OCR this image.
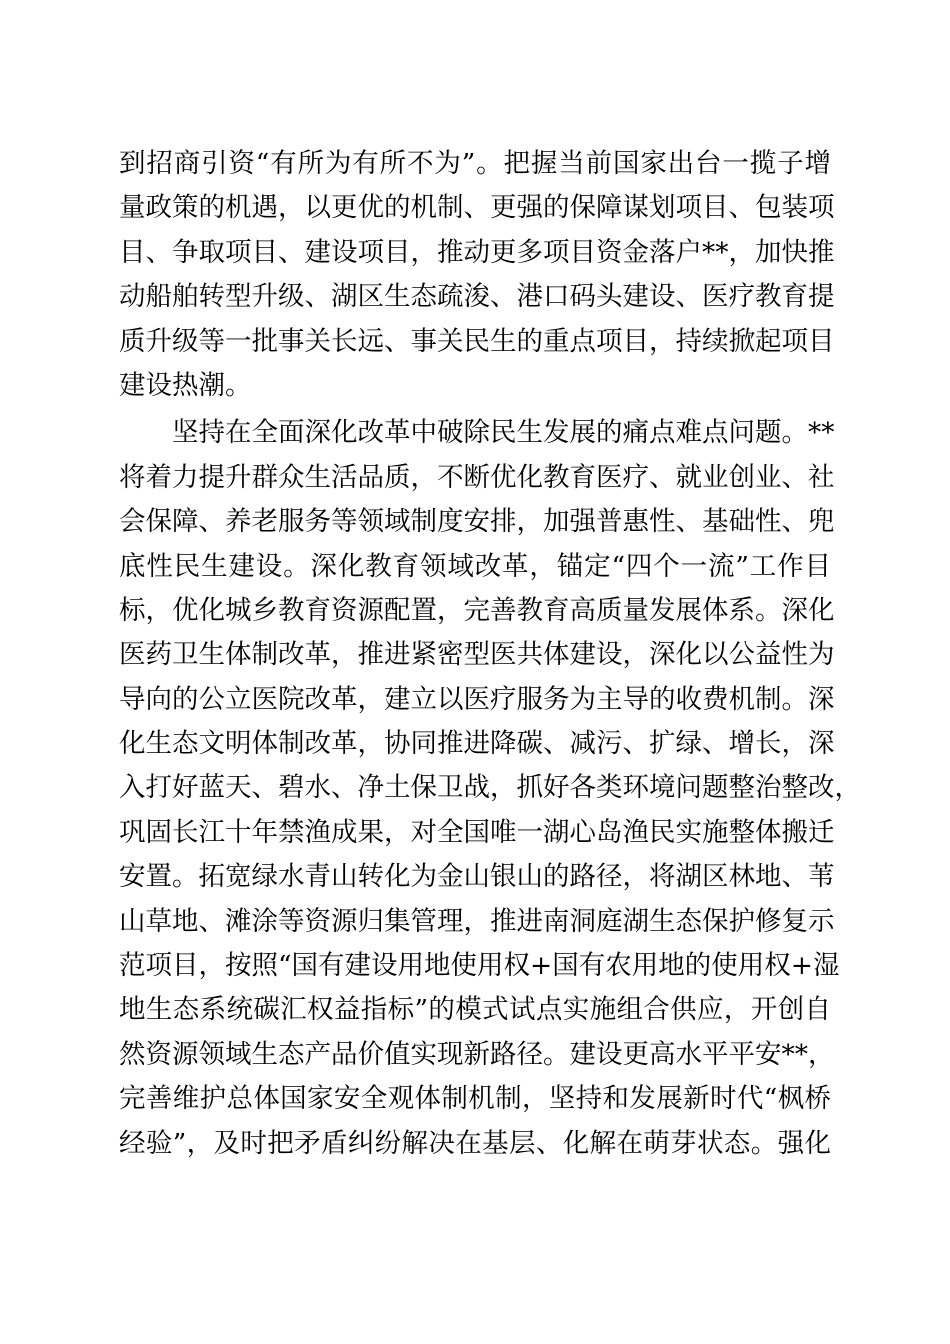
到招商引资“有所为有所不为”。把握当前国家出台一揽子增
量政策的机遇，以更优的机制、更强的保障谋划项目、包装项
目、争取项目、建设项目，推动更多项目资金落户**，加快推
动船舶转型升级、湖区生态疏浚、港口码头建设、医疗教育提
质升级等一批事关长远、事关民生的重点项目，持续掀起项目
建设热潮。
坚持在全面深化改革中破除民生发展的痛点难点问题。**
将着力提升群众生活品质，不断优化教育医疗、就业创业、社
会保障、养老服务等领域制度安排，加强普惠性、基础性、兜
底性民生建设。深化教育领域改革，锚定“四个一流”工作目
标，优化城乡教育资源配置，完善教育高质量发展体系。深化
医药卫生体制改革，推进紧密型医共体建设，深化以公益性为
导向的公立医院改革，建立以医疗服务为主导的收费机制。深
化生态文明体制改革，协同推进降碳、减污、扩绿、增长，深
入打好蓝天、碧水、净土保卫战，抓好各类环境问题整治整改，
巩固长江十年禁渔成果，对全国唯一湖心岛渔民实施整体搬迁
安置。拓宽绿水青山转化为金山银山的路径，将湖区林地、苇
山草地、滩涂等资源归集管理，推进南洞庭湖生态保护修复示
范项目，按照“国有建设用地使用权+国有农用地的使用权+湿
地生态系统碳汇权益指标”的模式试点实施组合供应，开创自
然资源领域生态产品价值实现新路径。建设更高水平平安**，
完善维护总体国家安全观体制机制，坚持和发展新时代“枫桥
经验”，及时把矛盾纠纷解决在基层、化解在萌芽状态。强化
